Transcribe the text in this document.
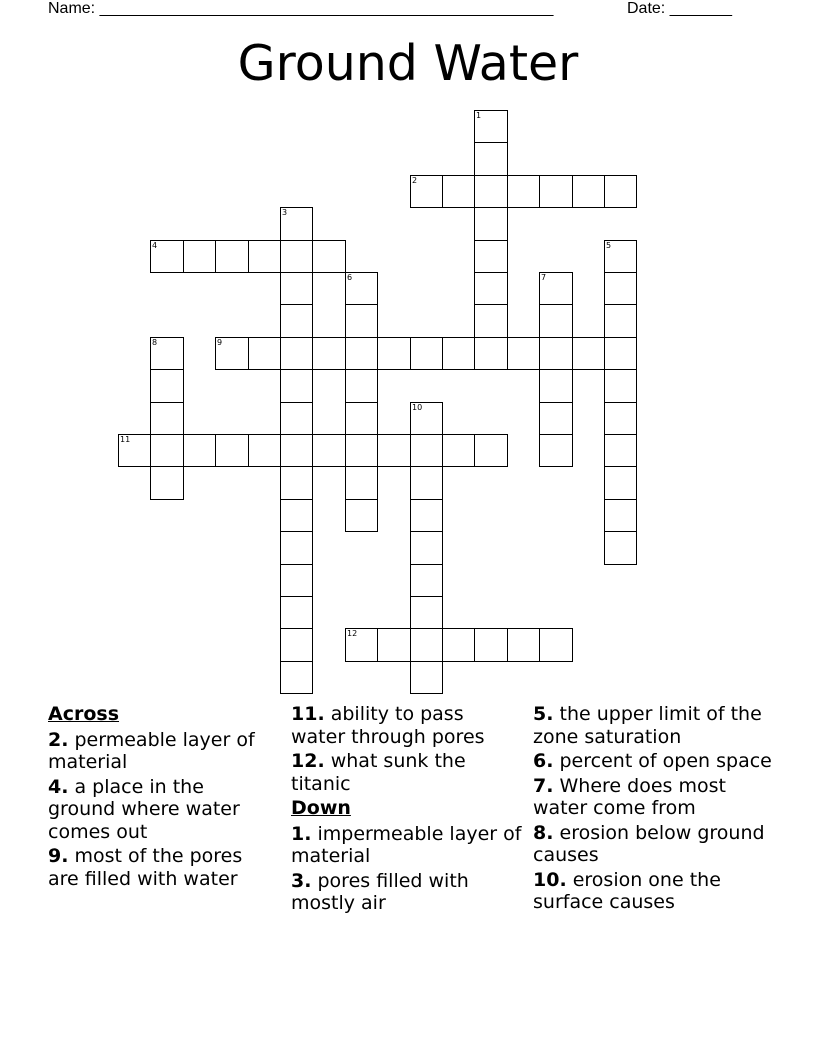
Name: ___________________________________________________	Date: _______
Ground Water
2
4
9
11
12
1
3
5
6	7
8
10
Across
2. permeable layer of material
4. a place in the ground where water comes out
9. most of the pores are filled with water
11. ability to pass water through pores
12. what sunk the titanic
Down
1. impermeable layer of material
3. pores filled with mostly air
5. the upper limit of the zone saturation
6. percent of open space
7. Where does most water come from
8. erosion below ground causes
10. erosion one the surface causes
